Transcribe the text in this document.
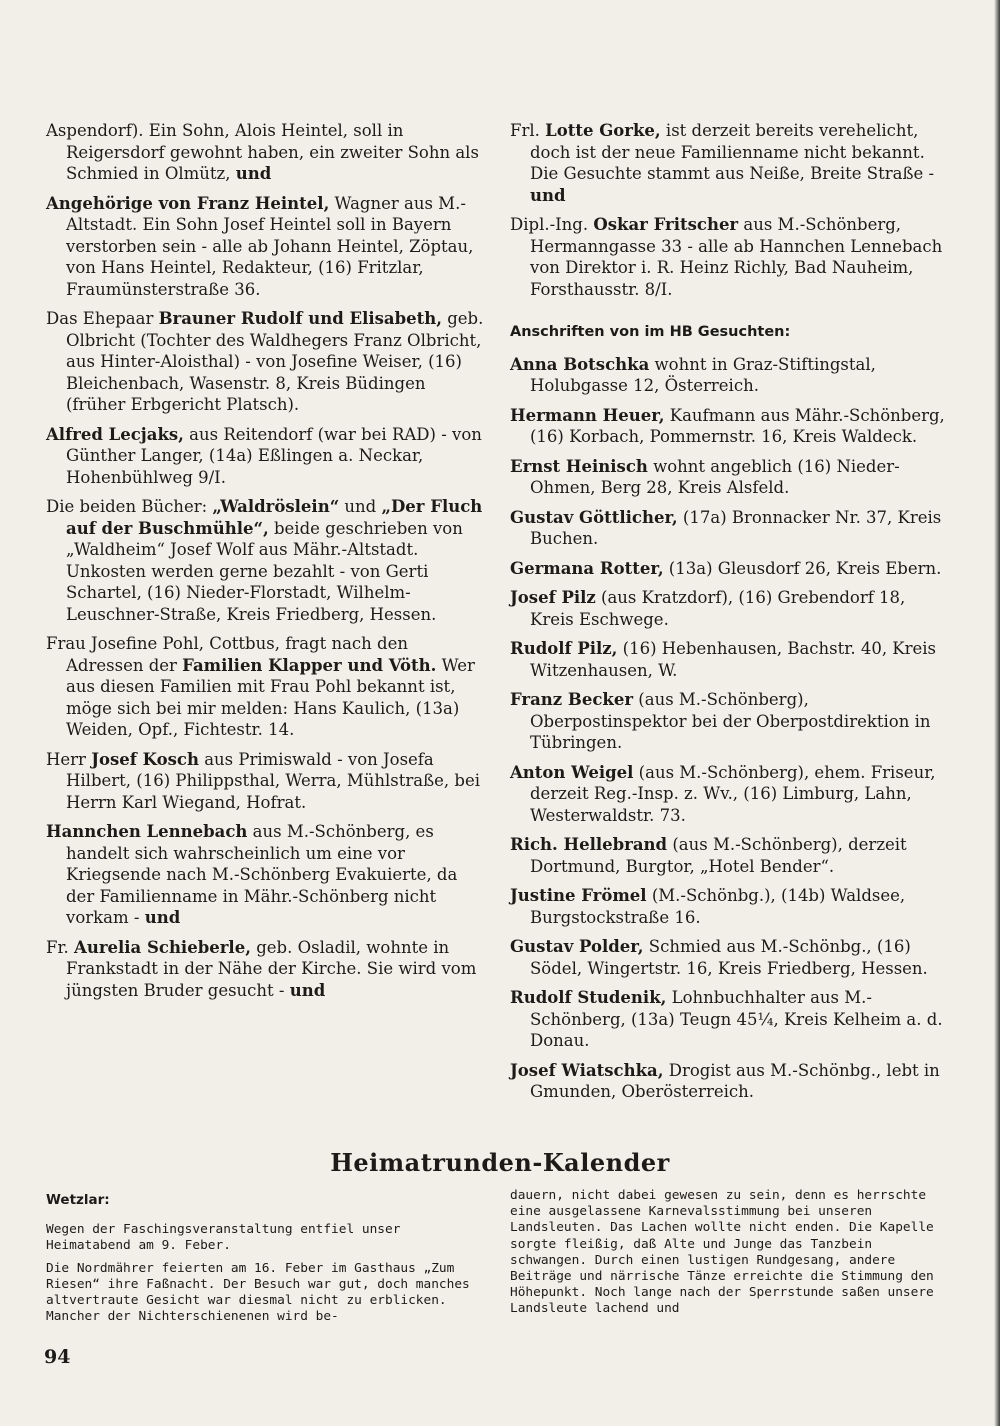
Aspendorf). Ein Sohn, Alois Heintel, soll in Reigersdorf gewohnt haben, ein zweiter Sohn als Schmied in Olmütz, und

Angehörige von Franz Heintel, Wagner aus M.-Altstadt. Ein Sohn Josef Heintel soll in Bayern verstorben sein - alle ab Johann Heintel, Zöptau, von Hans Heintel, Redakteur, (16) Fritzlar, Fraumünsterstraße 36.

Das Ehepaar Brauner Rudolf und Elisabeth, geb. Olbricht (Tochter des Waldhegers Franz Olbricht, aus Hinter-Aloisthal) - von Josefine Weiser, (16) Bleichenbach, Wasenstr. 8, Kreis Büdingen (früher Erbgericht Platsch).

Alfred Lecjaks, aus Reitendorf (war bei RAD) - von Günther Langer, (14a) Eßlingen a. Neckar, Hohenbühlweg 9/I.

Die beiden Bücher: „Waldröslein“ und „Der Fluch auf der Buschmühle“, beide geschrieben von „Waldheim“ Josef Wolf aus Mähr.-Altstadt. Unkosten werden gerne bezahlt - von Gerti Schartel, (16) Nieder-Florstadt, Wilhelm-Leuschner-Straße, Kreis Friedberg, Hessen.

Frau Josefine Pohl, Cottbus, fragt nach den Adressen der Familien Klapper und Vöth. Wer aus diesen Familien mit Frau Pohl bekannt ist, möge sich bei mir melden: Hans Kaulich, (13a) Weiden, Opf., Fichtestr. 14.

Herr Josef Kosch aus Primiswald - von Josefa Hilbert, (16) Philippsthal, Werra, Mühlstraße, bei Herrn Karl Wiegand, Hofrat.

Hannchen Lennebach aus M.-Schönberg, es handelt sich wahrscheinlich um eine vor Kriegsende nach M.-Schönberg Evakuierte, da der Familienname in Mähr.-Schönberg nicht vorkam - und

Fr. Aurelia Schieberle, geb. Osladil, wohnte in Frankstadt in der Nähe der Kirche. Sie wird vom jüngsten Bruder gesucht - und

Frl. Lotte Gorke, ist derzeit bereits verehelicht, doch ist der neue Familienname nicht bekannt. Die Gesuchte stammt aus Neiße, Breite Straße - und

Dipl.-Ing. Oskar Fritscher aus M.-Schönberg, Hermanngasse 33 - alle ab Hannchen Lennebach von Direktor i. R. Heinz Richly, Bad Nauheim, Forsthausstr. 8/I.

Anschriften von im HB Gesuchten:

Anna Botschka wohnt in Graz-Stiftingstal, Holubgasse 12, Österreich.

Hermann Heuer, Kaufmann aus Mähr.-Schönberg, (16) Korbach, Pommernstr. 16, Kreis Waldeck.

Ernst Heinisch wohnt angeblich (16) Nieder-Ohmen, Berg 28, Kreis Alsfeld.

Gustav Göttlicher, (17a) Bronnacker Nr. 37, Kreis Buchen.

Germana Rotter, (13a) Gleusdorf 26, Kreis Ebern.

Josef Pilz (aus Kratzdorf), (16) Grebendorf 18, Kreis Eschwege.

Rudolf Pilz, (16) Hebenhausen, Bachstr. 40, Kreis Witzenhausen, W.

Franz Becker (aus M.-Schönberg), Oberpostinspektor bei der Oberpostdirektion in Tübringen.

Anton Weigel (aus M.-Schönberg), ehem. Friseur, derzeit Reg.-Insp. z. Wv., (16) Limburg, Lahn, Westerwaldstr. 73.

Rich. Hellebrand (aus M.-Schönberg), derzeit Dortmund, Burgtor, „Hotel Bender“.

Justine Frömel (M.-Schönbg.), (14b) Waldsee, Burgstockstraße 16.

Gustav Polder, Schmied aus M.-Schönbg., (16) Södel, Wingertstr. 16, Kreis Friedberg, Hessen.

Rudolf Studenik, Lohnbuchhalter aus M.-Schönberg, (13a) Teugn 45¼, Kreis Kelheim a. d. Donau.

Josef Wiatschka, Drogist aus M.-Schönbg., lebt in Gmunden, Oberösterreich.

Heimatrunden-Kalender
Wetzlar:

Wegen der Faschingsveranstaltung entfiel unser Heimatabend am 9. Feber.

Die Nordmährer feierten am 16. Feber im Gasthaus „Zum Riesen“ ihre Faßnacht. Der Besuch war gut, doch manches altvertraute Gesicht war diesmal nicht zu erblicken. Mancher der Nichterschienenen wird be-

dauern, nicht dabei gewesen zu sein, denn es herrschte eine ausgelassene Karnevalsstimmung bei unseren Landsleuten. Das Lachen wollte nicht enden. Die Kapelle sorgte fleißig, daß Alte und Junge das Tanzbein schwangen. Durch einen lustigen Rundgesang, andere Beiträge und närrische Tänze erreichte die Stimmung den Höhepunkt. Noch lange nach der Sperrstunde saßen unsere Landsleute lachend und

94
